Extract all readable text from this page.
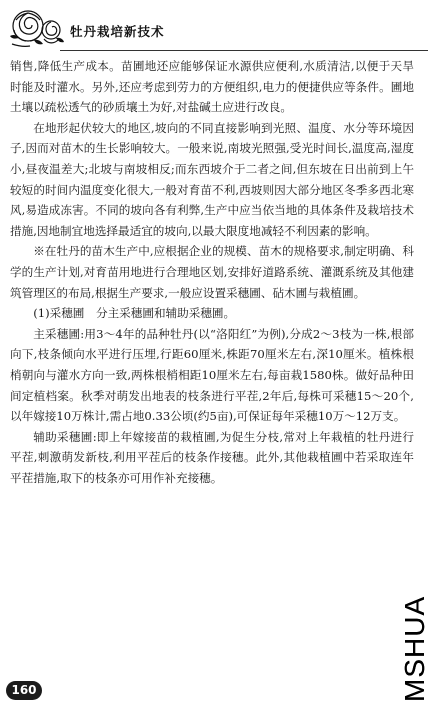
牡丹栽培新技术

销售,降低生产成本。苗圃地还应能够保证水源供应便利,水质清洁,以便于天旱时能及时灌水。另外,还应考虑到劳力的方便组织,电力的便捷供应等条件。圃地土壤以疏松透气的砂质壤土为好,对盐碱土应进行改良。

在地形起伏较大的地区,坡向的不同直接影响到光照、温度、水分等环境因子,因而对苗木的生长影响较大。一般来说,南坡光照强,受光时间长,温度高,湿度小,昼夜温差大;北坡与南坡相反;而东西坡介于二者之间,但东坡在日出前到上午较短的时间内温度变化很大,一般对育苗不利,西坡则因大部分地区冬季多西北寒风,易造成冻害。不同的坡向各有利弊,生产中应当依当地的具体条件及栽培技术措施,因地制宜地选择最适宜的坡向,以最大限度地减轻不利因素的影响。

※在牡丹的苗木生产中,应根据企业的规模、苗木的规格要求,制定明确、科学的生产计划,对育苗用地进行合理地区划,安排好道路系统、灌溉系统及其他建筑管理区的布局,根据生产要求,一般应设置采穗圃、砧木圃与栽植圃。

(1)采穗圃　分主采穗圃和辅助采穗圃。

主采穗圃:用3～4年的品种牡丹(以“洛阳红”为例),分成2～3枝为一株,根部向下,枝条倾向水平进行压埋,行距60厘米,株距70厘米左右,深10厘米。植株根梢朝向与灌水方向一致,两株根梢相距10厘米左右,每亩栽1580株。做好品种田间定植档案。秋季对萌发出地表的枝条进行平茬,2年后,每株可采穗15～20个,以年嫁接10万株计,需占地0.33公顷(约5亩),可保证每年采穗10万～12万支。

辅助采穗圃:即上年嫁接苗的栽植圃,为促生分枝,常对上年栽植的牡丹进行平茬,刺激萌发新枝,利用平茬后的枝条作接穗。此外,其他栽植圃中若采取连年平茬措施,取下的枝条亦可用作补充接穗。

160	MSHUA
